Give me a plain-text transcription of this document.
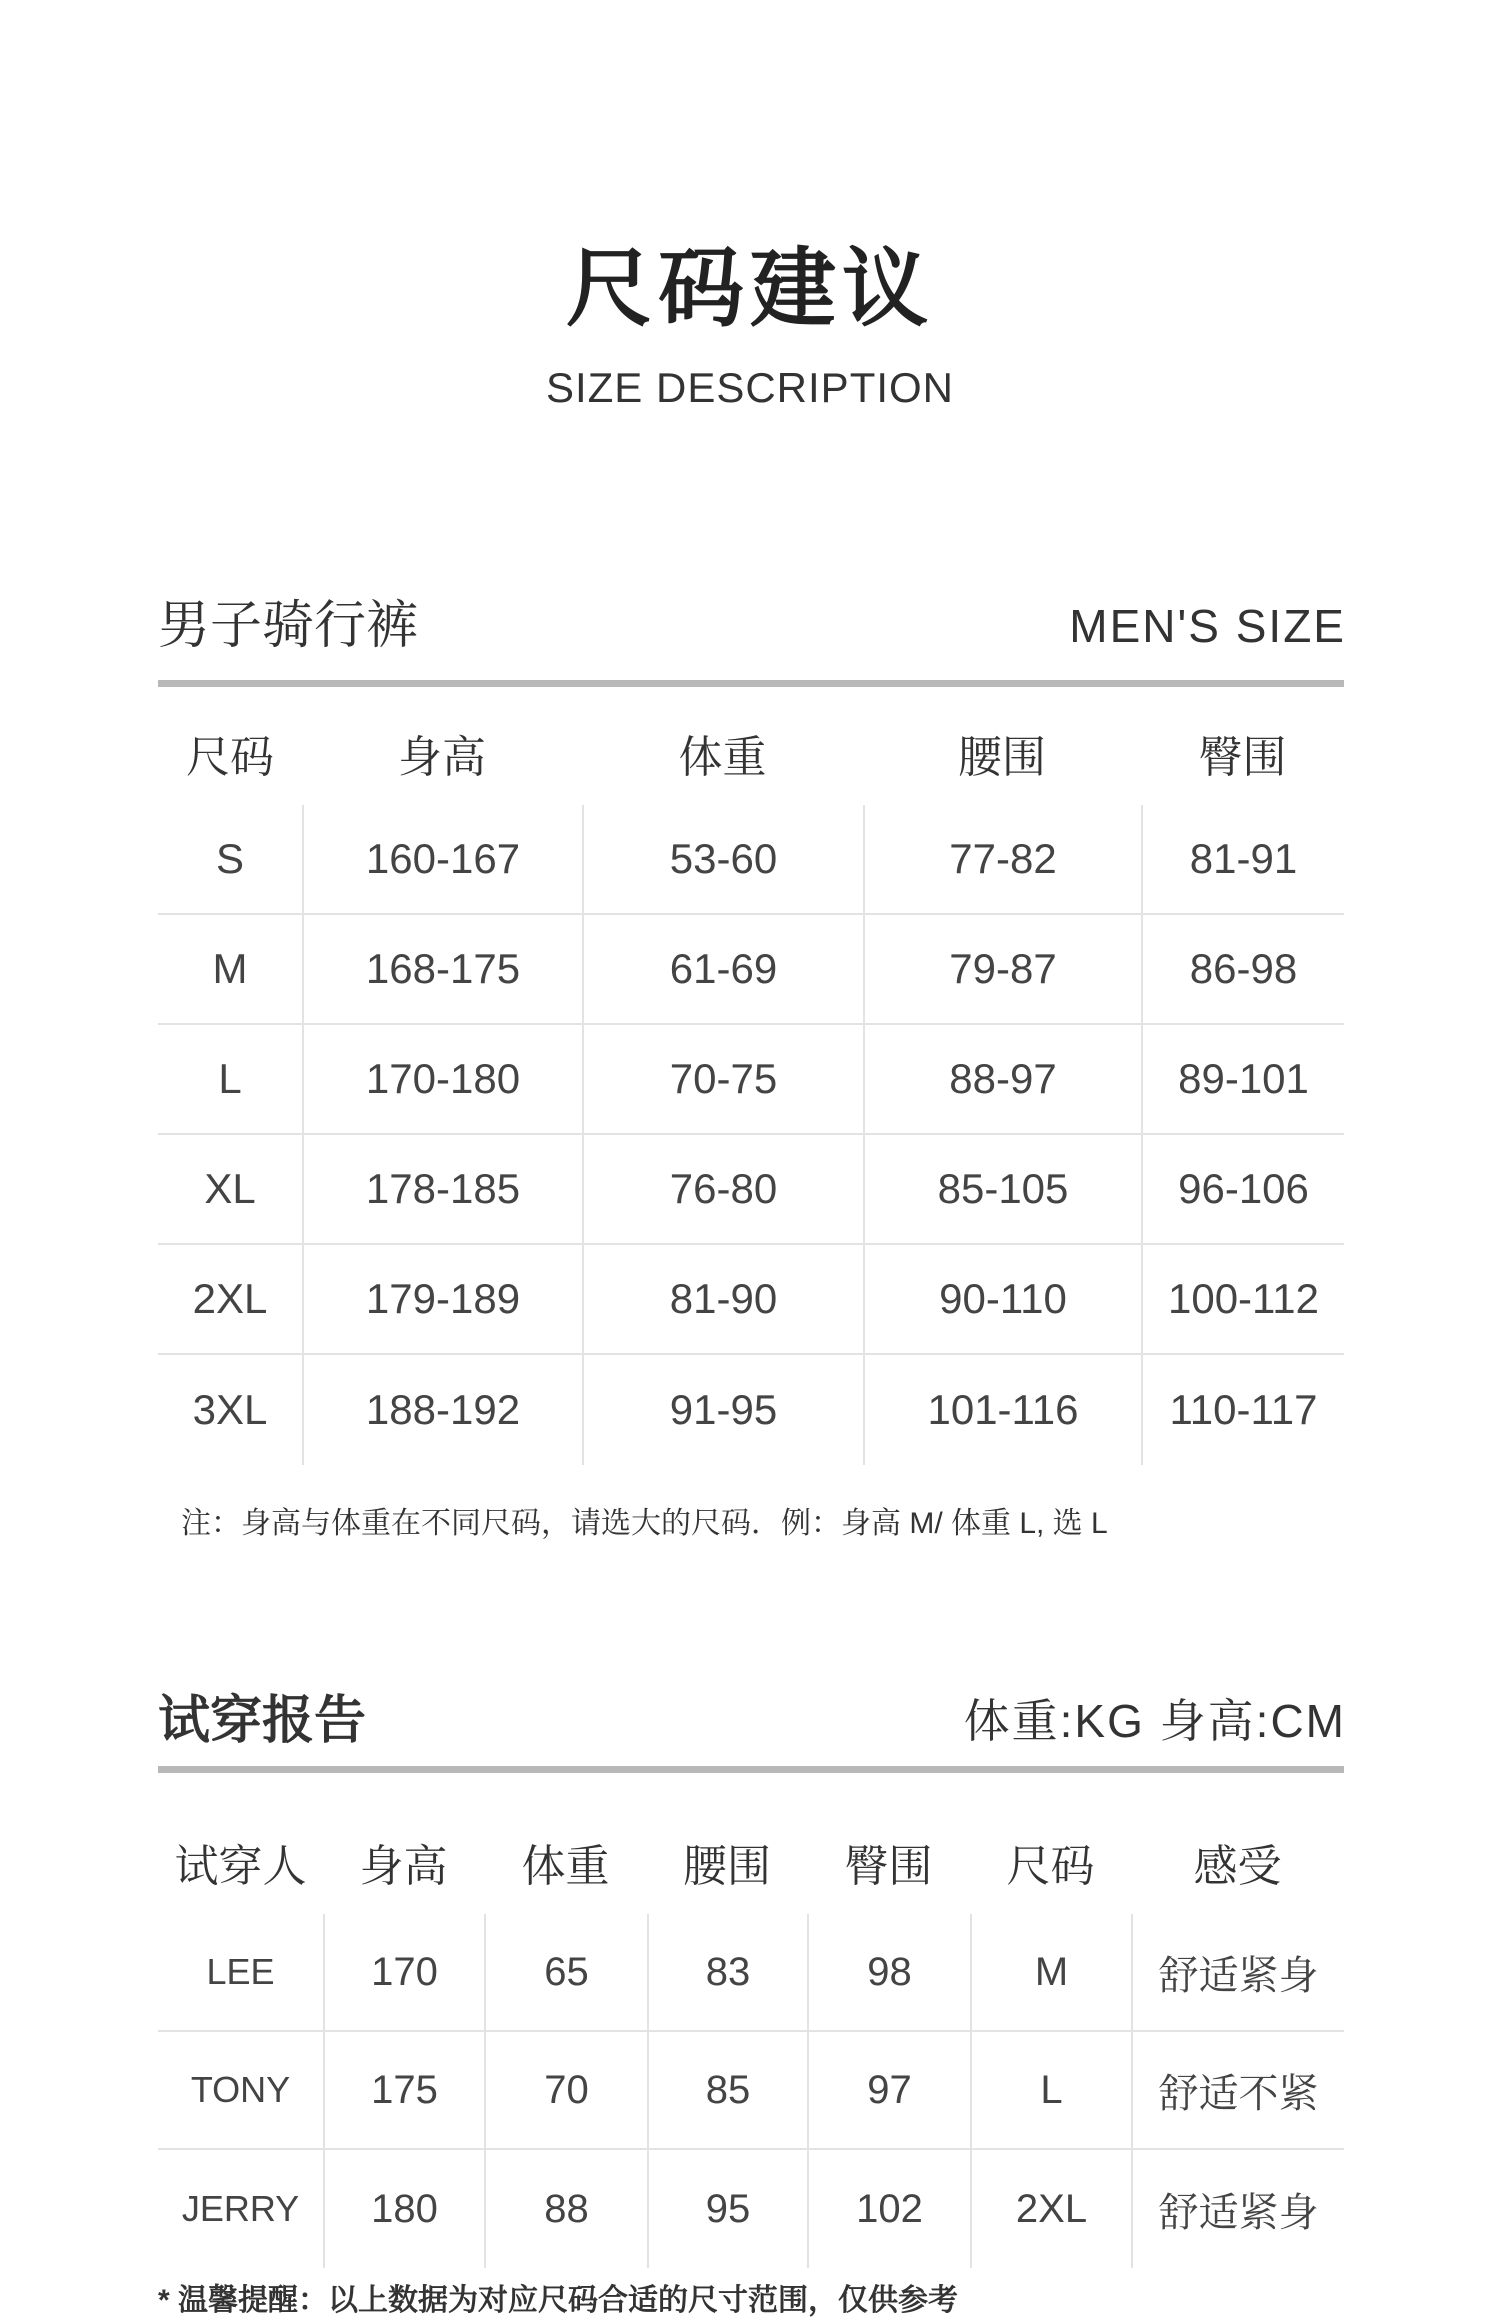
尺码建议
SIZE DESCRIPTION
男子骑行裤	MEN'S SIZE
尺码	身高	体重	腰围	臀围
S	160-167	53-60	77-82	81-91
M	168-175	61-69	79-87	86-98
L	170-180	70-75	88-97	89-101
XL	178-185	76-80	85-105	96-106
2XL	179-189	81-90	90-110	100-112
3XL	188-192	91-95	101-116	110-117
注：身高与体重在不同尺码，请选大的尺码．例：身高 M/ 体重 L, 选 L
试穿报告	体重:KG 身高:CM
试穿人	身高	体重	腰围	臀围	尺码	感受
LEE	170	65	83	98	M	舒适紧身
TONY	175	70	85	97	L	舒适不紧
JERRY	180	88	95	102	2XL	舒适紧身
* 温馨提醒：以上数据为对应尺码合适的尺寸范围，仅供参考
